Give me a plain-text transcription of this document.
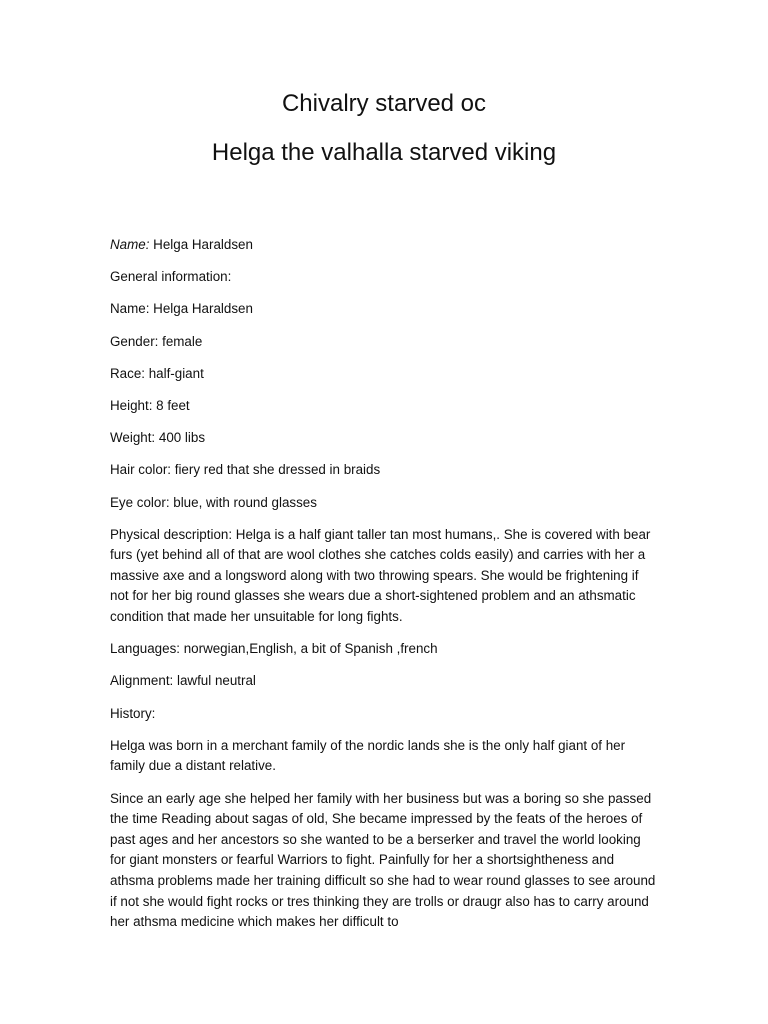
Chivalry starved oc
Helga the valhalla starved viking

Name: Helga Haraldsen

General information:

Name: Helga Haraldsen

Gender: female

Race: half-giant

Height: 8 feet

Weight: 400 libs

Hair color: fiery red that she dressed in braids

Eye color: blue, with round glasses

Physical description: Helga is a half giant taller tan most humans,. She is covered with bear furs (yet behind all of that are wool clothes she catches colds easily) and carries with her a massive axe and a longsword along with two throwing spears. She would be frightening if not for her big round glasses she wears due a short-sightened problem and an athsmatic condition that made her unsuitable for long fights.

Languages: norwegian,English, a bit of Spanish ,french

Alignment: lawful neutral

History:

Helga was born in a merchant family of the nordic lands she is the only half giant of her family due a distant relative.

Since an early age she helped her family with her business but was a boring so she passed the time Reading about sagas of old, She became impressed by the feats of the heroes of past ages and her ancestors so she wanted to be a berserker and travel the world looking for giant monsters or fearful Warriors to fight. Painfully for her a shortsightheness and athsma problems made her training difficult so she had to wear round glasses to see around if not she would fight rocks or tres thinking they are trolls or draugr also has to carry around her athsma medicine which makes her difficult to
